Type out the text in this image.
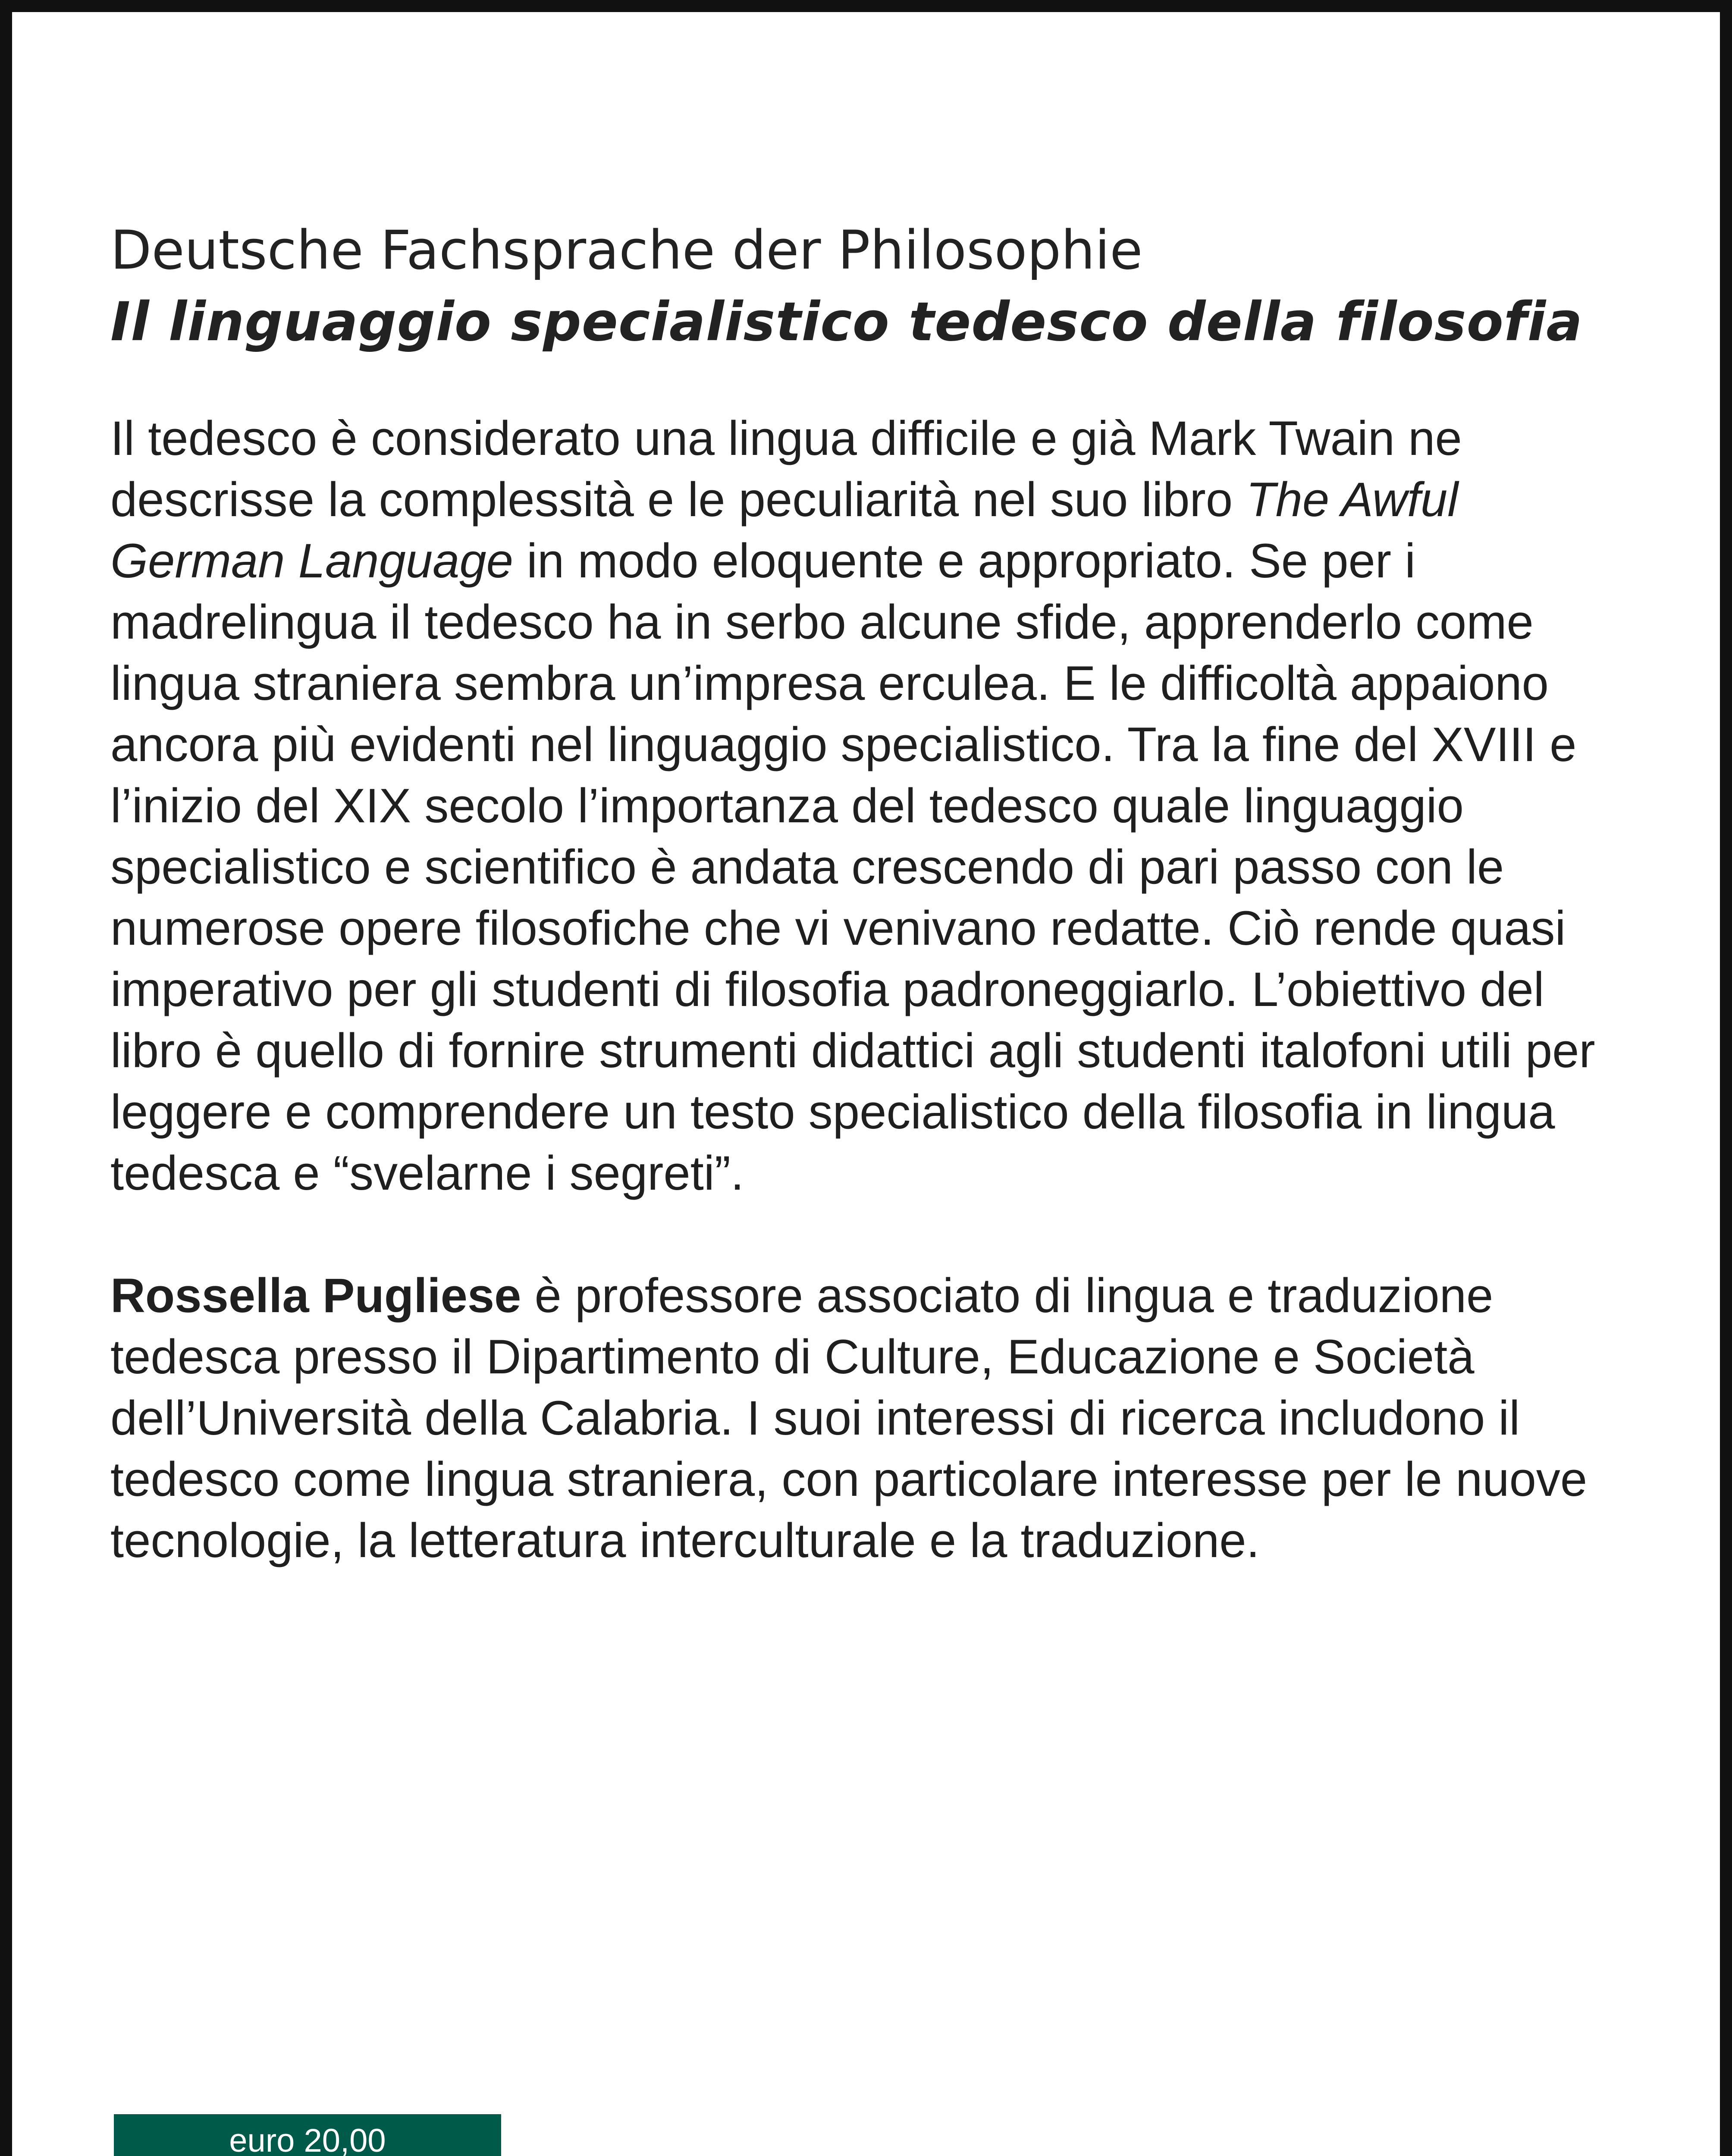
Deutsche Fachsprache der Philosophie
Il linguaggio specialistico tedesco della filosofia

Il tedesco è considerato una lingua difficile e già Mark Twain ne descrisse la complessità e le peculiarità nel suo libro The Awful German Language in modo eloquente e appropriato. Se per i madrelingua il tedesco ha in serbo alcune sfide, apprenderlo come lingua straniera sembra un’impresa erculea. E le difficoltà appaiono ancora più evidenti nel linguaggio specialistico. Tra la fine del XVIII e l’inizio del XIX secolo l’importanza del tedesco quale linguaggio specialistico e scientifico è andata crescendo di pari passo con le numerose opere filosofiche che vi venivano redatte. Ciò rende quasi imperativo per gli studenti di filosofia padroneggiarlo. L’obiettivo del libro è quello di fornire strumenti didattici agli studenti italofoni utili per leggere e comprendere un testo specialistico della filosofia in lingua tedesca e “svelarne i segreti”.

Rossella Pugliese è professore associato di lingua e traduzione tedesca presso il Dipartimento di Culture, Educazione e Società dell’Università della Calabria. I suoi interessi di ricerca includono il tedesco come lingua straniera, con particolare interesse per le nuove tecnologie, la letteratura interculturale e la traduzione.

euro 20,00
